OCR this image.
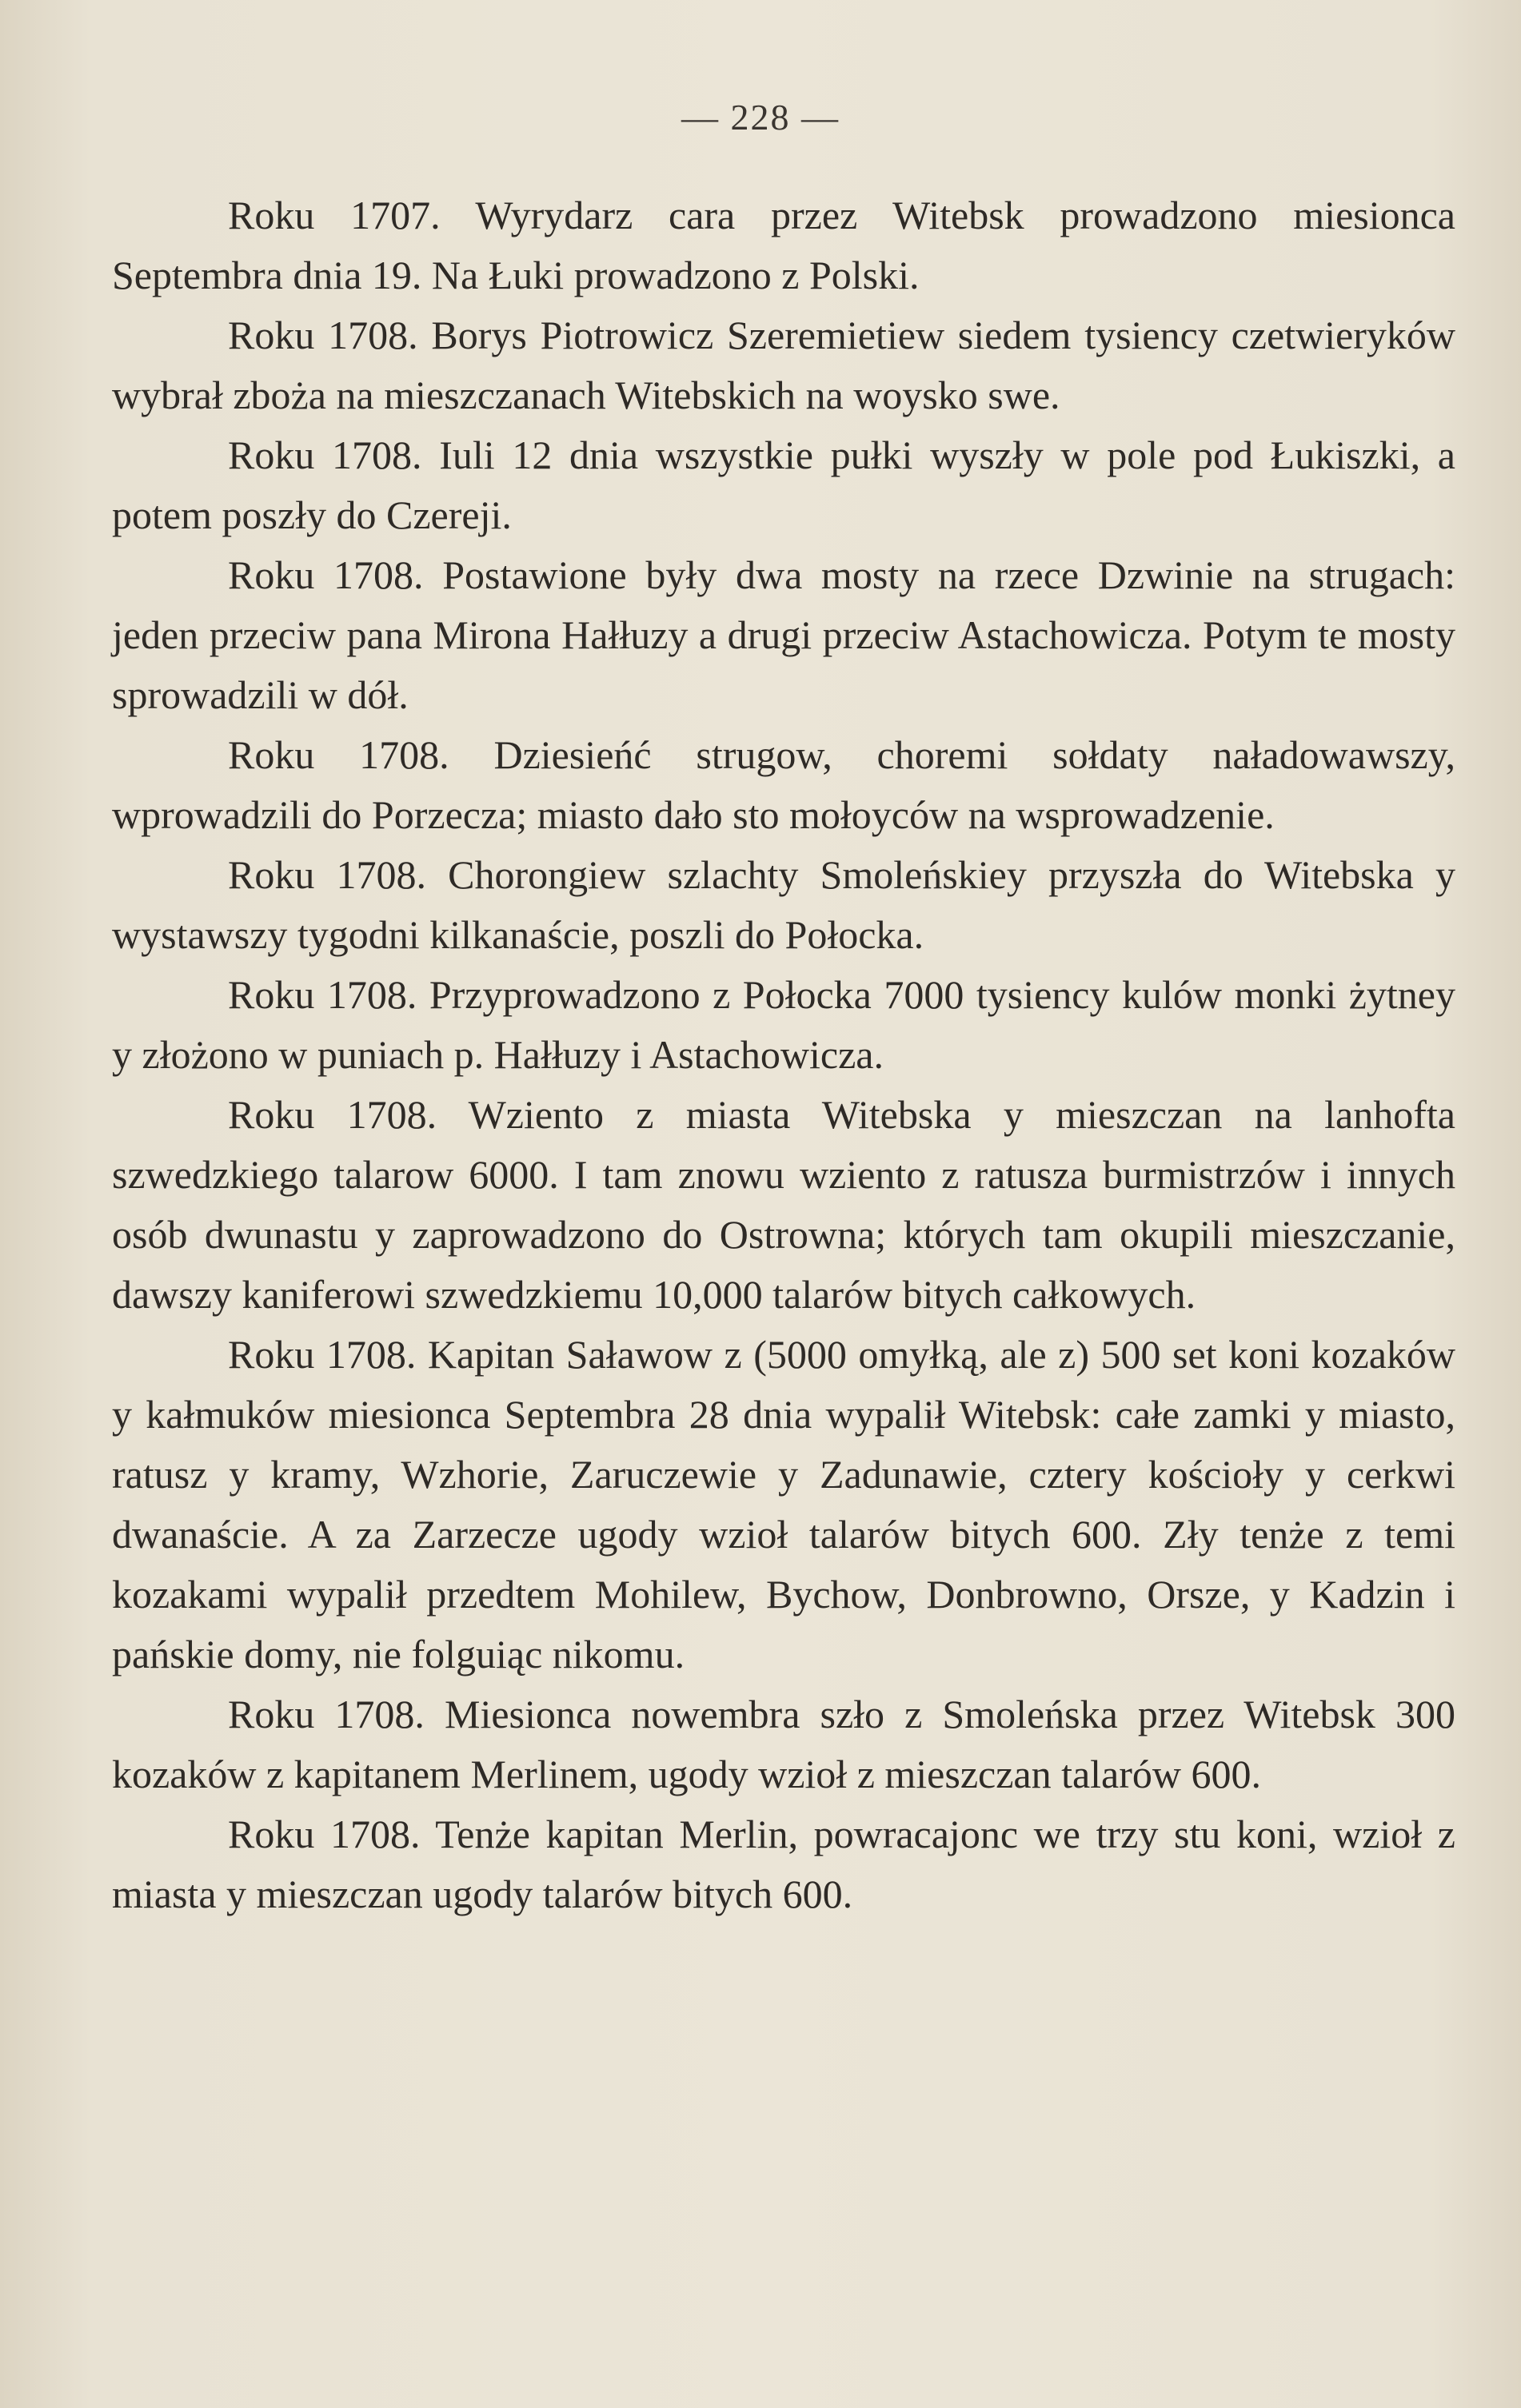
— 228 —

Roku 1707. Wyrydarz cara przez Witebsk prowadzono miesionca Septembra dnia 19. Na Łuki prowadzono z Polski.

Roku 1708. Borys Piotrowicz Szeremietiew siedem tysiency czetwieryków wybrał zboża na mieszczanach Witebskich na woysko swe.

Roku 1708. Iuli 12 dnia wszystkie pułki wyszły w pole pod Łukiszki, a potem poszły do Czereji.

Roku 1708. Postawione były dwa mosty na rzece Dzwinie na strugach: jeden przeciw pana Mirona Hałłuzy a drugi przeciw Astachowicza. Potym te mosty sprowadzili w dół.

Roku 1708. Dziesieńć strugow, choremi sołdaty naładowawszy, wprowadzili do Porzecza; miasto dało sto mołoyców na wsprowadzenie.

Roku 1708. Chorongiew szlachty Smoleńskiey przyszła do Witebska y wystawszy tygodni kilkanaście, poszli do Połocka.

Roku 1708. Przyprowadzono z Połocka 7000 tysiency kulów monki żytney y złożono w puniach p. Hałłuzy i Astachowicza.

Roku 1708. Wziento z miasta Witebska y mieszczan na lanhofta szwedzkiego talarow 6000. I tam znowu wziento z ratusza burmistrzów i innych osób dwunastu y zaprowadzono do Ostrowna; których tam okupili mieszczanie, dawszy kaniferowi szwedzkiemu 10,000 talarów bitych całkowych.

Roku 1708. Kapitan Saławow z (5000 omyłką, ale z) 500 set koni kozaków y kałmuków miesionca Septembra 28 dnia wypalił Witebsk: całe zamki y miasto, ratusz y kramy, Wzhorie, Zaruczewie y Zadunawie, cztery kościoły y cerkwi dwanaście. A za Zarzecze ugody wzioł talarów bitych 600. Zły tenże z temi kozakami wypalił przedtem Mohilew, Bychow, Donbrowno, Orsze, y Kadzin i pańskie domy, nie folguiąc nikomu.

Roku 1708. Miesionca nowembra szło z Smoleńska przez Witebsk 300 kozaków z kapitanem Merlinem, ugody wzioł z mieszczan talarów 600.

Roku 1708. Tenże kapitan Merlin, powracajonc we trzy stu koni, wzioł z miasta y mieszczan ugody talarów bitych 600.
